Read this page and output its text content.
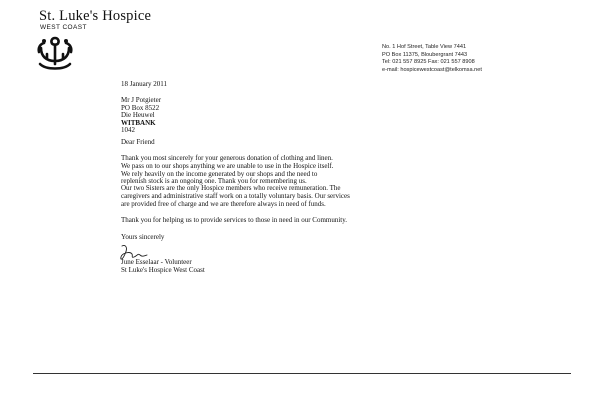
St. Luke's Hospice
WEST COAST
No. 1 Hof Street, Table View 7441
PO Box 11375, Bloubergrant 7443
Tel: 021 557 8925 Fax: 021 557 8908
e-mail: hospicewestcoast@telkomsa.net
18 January 2011
Mr J Potgieter
PO Box 8522
Die Heuwel
WITBANK
1042
Dear Friend
Thank you most sincerely for your generous donation of clothing and linen.
We pass on to our shops anything we are unable to use in the Hospice itself.
We rely heavily on the income generated by our shops and the need to
replenish stock is an ongoing one. Thank you for remembering us.
Our two Sisters are the only Hospice members who receive remuneration. The
caregivers and administrative staff work on a totally voluntary basis. Our services
are provided free of charge and we are therefore always in need of funds.
Thank you for helping us to provide services to those in need in our Community.
Yours sincerely
June Esselaar - Volunteer
St Luke's Hospice West Coast
